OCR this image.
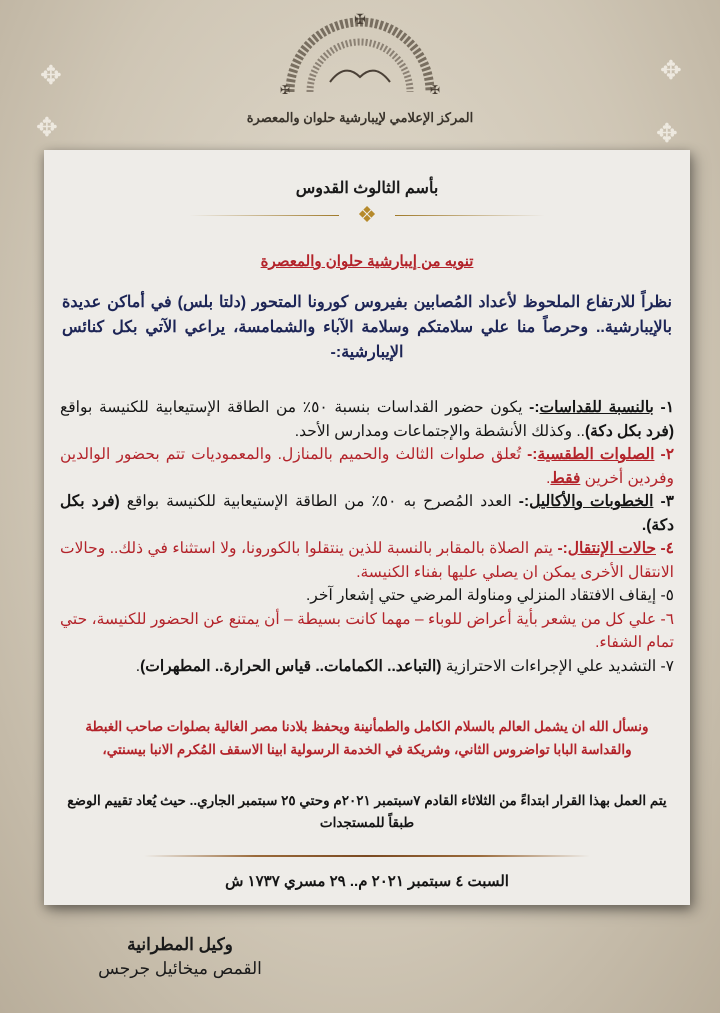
✠
✠	✠
المركز الإعلامي لإيبارشية حلوان والمعصرة
✥
✥
✥
✥
بأسم الثالوث القدوس
❖
تنويه من إيبارشية حلوان والمعصرة
نظراً للارتفاع الملحوظ لأعداد المُصابين بفيروس كورونا المتحور (دلتا بلس) في أماكن عديدة بالإيبارشية.. وحرصاً منا علي سلامتكم وسلامة الآباء والشمامسة، يراعي الآتي بكل كنائس الإيبارشية:-

١- بالنسبة للقداسات:- يكون حضور القداسات بنسبة ٥٠٪ من الطاقة الإستيعابية للكنيسة بواقع (فرد بكل دكة).. وكذلك الأنشطة والإجتماعات ومدارس الأحد.

٢- الصلوات الطقسية:- تُعلق صلوات الثالث والحميم بالمنازل. والمعموديات تتم بحضور الوالدين وفردين أخرين فقط.

٣- الخطوبات والأكاليل:- العدد المُصرح به ٥٠٪ من الطاقة الإستيعابية للكنيسة بواقع (فرد بكل دكة).

٤- حالات الإنتقال:- يتم الصلاة بالمقابر بالنسبة للذين ينتقلوا بالكورونا، ولا استثناء في ذلك.. وحالات الانتقال الأخرى يمكن ان يصلي عليها بفناء الكنيسة.

٥- إيقاف الافتقاد المنزلي ومناولة المرضي حتي إشعار آخر.

٦- علي كل من يشعر بأية أعراض للوباء – مهما كانت بسيطة – أن يمتنع عن الحضور للكنيسة، حتي تمام الشفاء.

٧- التشديد علي الإجراءات الاحترازية (التباعد.. الكمامات.. قياس الحرارة.. المطهرات).

ونسأل الله ان يشمل العالم بالسلام الكامل والطمأنينة ويحفظ بلادنا مصر الغالية بصلوات صاحب الغبطة والقداسة البابا تواضروس الثاني، وشريكة في الخدمة الرسولية ابينا الاسقف المُكرم الانبا بيسنتي،
يتم العمل بهذا القرار ابتداءً من الثلاثاء القادم ٧سبتمبر ٢٠٢١م وحتي ٢٥ سبتمبر الجاري.. حيث يُعاد تقييم الوضع طبقاً للمستجدات
السبت ٤ سبتمبر ٢٠٢١ م.. ٢٩ مسري ١٧٣٧ ش
وكيل المطرانية
القمص ميخائيل جرجس
